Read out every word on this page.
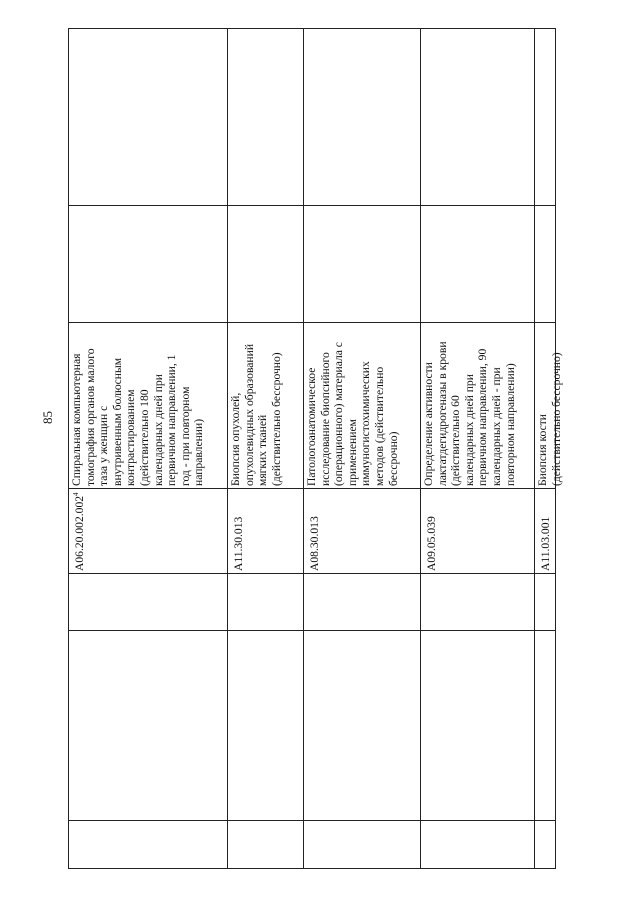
85
A06.20.002.002$^4$
Спиральная компьютерная
томография органов малого
таза у женщин с
внутривенным болюсным
контрастированием
(действительно 180
календарных дней при
первичном направлении, 1
год - при повторном
направлении)
A11.30.013
Биопсия опухолей,
опухолевидных образований
мягких тканей
(действительно бессрочно)
A08.30.013
Патологоанатомическое
исследование биопсийного
(операционного) материала с
применением
иммуногистохимических
методов (действительно
бессрочно)
A09.05.039
Определение активности
лактатдегидрогеназы в крови
(действительно 60
календарных дней при
первичном направлении, 90
календарных дней - при
повторном направлении)
A11.03.001
Биопсия кости
(действительно бессрочно)
